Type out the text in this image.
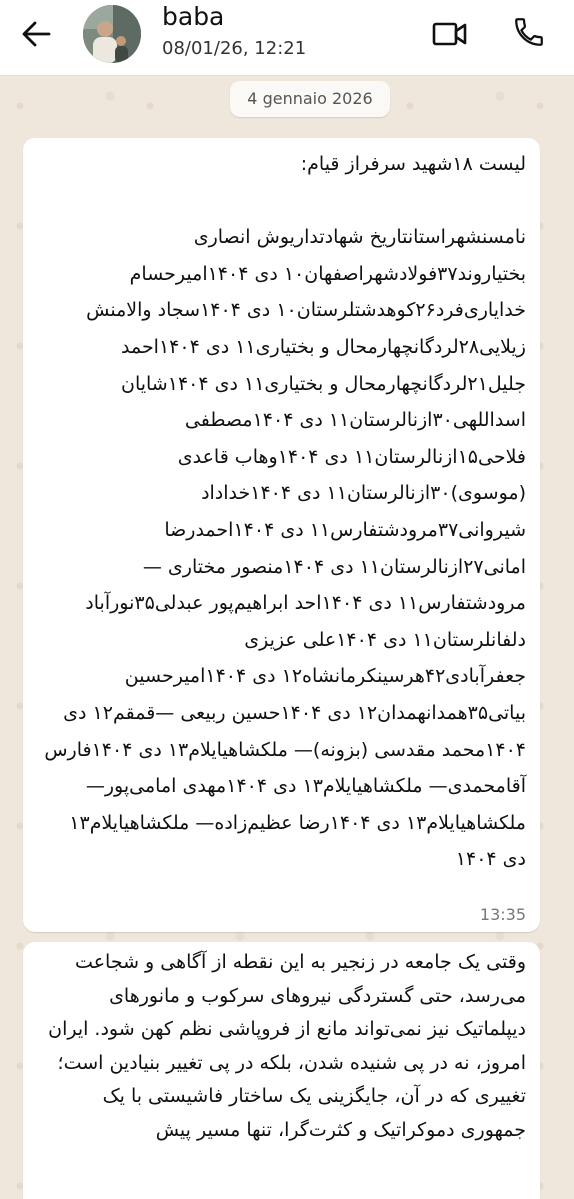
baba
08/01/26, 12:21
4 gennaio 2026
لیست ۱۸شهید سرفراز قیام:

نامسنشهراستانتاریخ شهادتداریوش انصاری بختیاروند۳۷فولادشهراصفهان۱۰ دی ۱۴۰۴امیرحسام خدایاری‌فرد۲۶کوهدشتلرستان۱۰ دی ۱۴۰۴سجاد والامنش زیلایی۲۸لردگانچهارمحال و بختیاری۱۱ دی ۱۴۰۴احمد جلیل۲۱لردگانچهارمحال و بختیاری۱۱ دی ۱۴۰۴شایان اسداللهی۳۰ازنالرستان۱۱ دی ۱۴۰۴مصطفی فلاحی۱۵ازنالرستان۱۱ دی ۱۴۰۴وهاب قاعدی (موسوی)۳۰ازنالرستان۱۱ دی ۱۴۰۴خداداد شیروانی۳۷مرودشتفارس۱۱ دی ۱۴۰۴احمدرضا امانی۲۷ازنالرستان۱۱ دی ۱۴۰۴منصور مختاری —مرودشتفارس۱۱ دی ۱۴۰۴احد ابراهیم‌پور عبدلی۳۵نورآباد دلفانلرستان۱۱ دی ۱۴۰۴علی عزیزی جعفرآبادی۴۲هرسینکرمانشاه۱۲ دی ۱۴۰۴امیرحسین بیاتی۳۵همدانهمدان۱۲ دی ۱۴۰۴حسین ربیعی —قمقم۱۲ دی ۱۴۰۴محمد مقدسی (بزونه)— ملکشاهیایلام۱۳ دی ۱۴۰۴فارس آقامحمدی— ملکشاهیایلام۱۳ دی ۱۴۰۴مهدی امامی‌پور— ملکشاهیایلام۱۳ دی ۱۴۰۴رضا عظیم‌زاده— ملکشاهیایلام۱۳ دی ۱۴۰۴
13:35
وقتی یک جامعه در زنجیر به این نقطه از آگاهی و شجاعت می‌رسد، حتی گستردگی نیروهای سرکوب و مانورهای دیپلماتیک نیز نمی‌تواند مانع از فروپاشی نظم کهن شود. ایران امروز، نه در پی شنیده شدن، بلکه در پی تغییر بنیادین است؛ تغییری که در آن، جایگزینی یک ساختار فاشیستی با یک جمهوری دموکراتیک و کثرت‌گرا، تنها مسیر پیش
